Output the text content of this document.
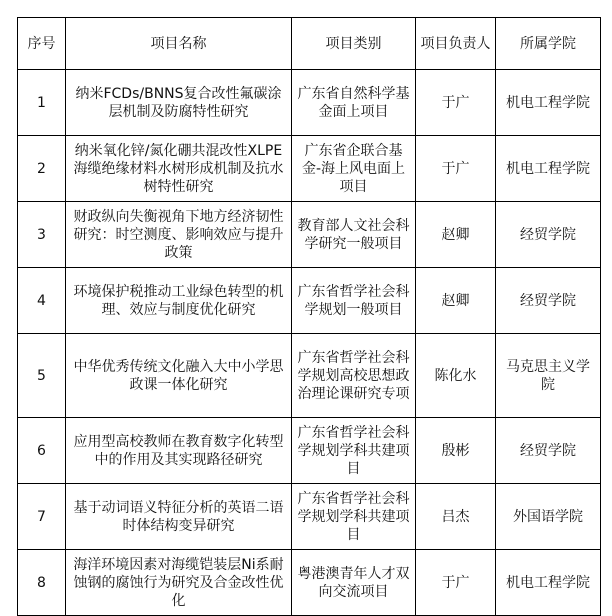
序号	项目名称	项目类别	项目负责人	所属学院
1	纳米FCDs/BNNS复合改性氟碳涂层机制及防腐特性研究	广东省自然科学基金面上项目	于广	机电工程学院
2	纳米氧化锌/氮化硼共混改性XLPE海缆绝缘材料水树形成机制及抗水树特性研究	广东省企联合基金-海上风电面上项目	于广	机电工程学院
3	财政纵向失衡视角下地方经济韧性研究：时空测度、影响效应与提升政策	教育部人文社会科学研究一般项目	赵卿	经贸学院
4	环境保护税推动工业绿色转型的机理、效应与制度优化研究	广东省哲学社会科学规划一般项目	赵卿	经贸学院
5	中华优秀传统文化融入大中小学思政课一体化研究	广东省哲学社会科学规划高校思想政治理论课研究专项	陈化水	马克思主义学院
6	应用型高校教师在教育数字化转型中的作用及其实现路径研究	广东省哲学社会科学规划学科共建项目	殷彬	经贸学院
7	基于动词语义特征分析的英语二语时体结构变异研究	广东省哲学社会科学规划学科共建项目	吕杰	外国语学院
8	海洋环境因素对海缆铠装层Ni系耐蚀钢的腐蚀行为研究及合金改性优化	粤港澳青年人才双向交流项目	于广	机电工程学院
